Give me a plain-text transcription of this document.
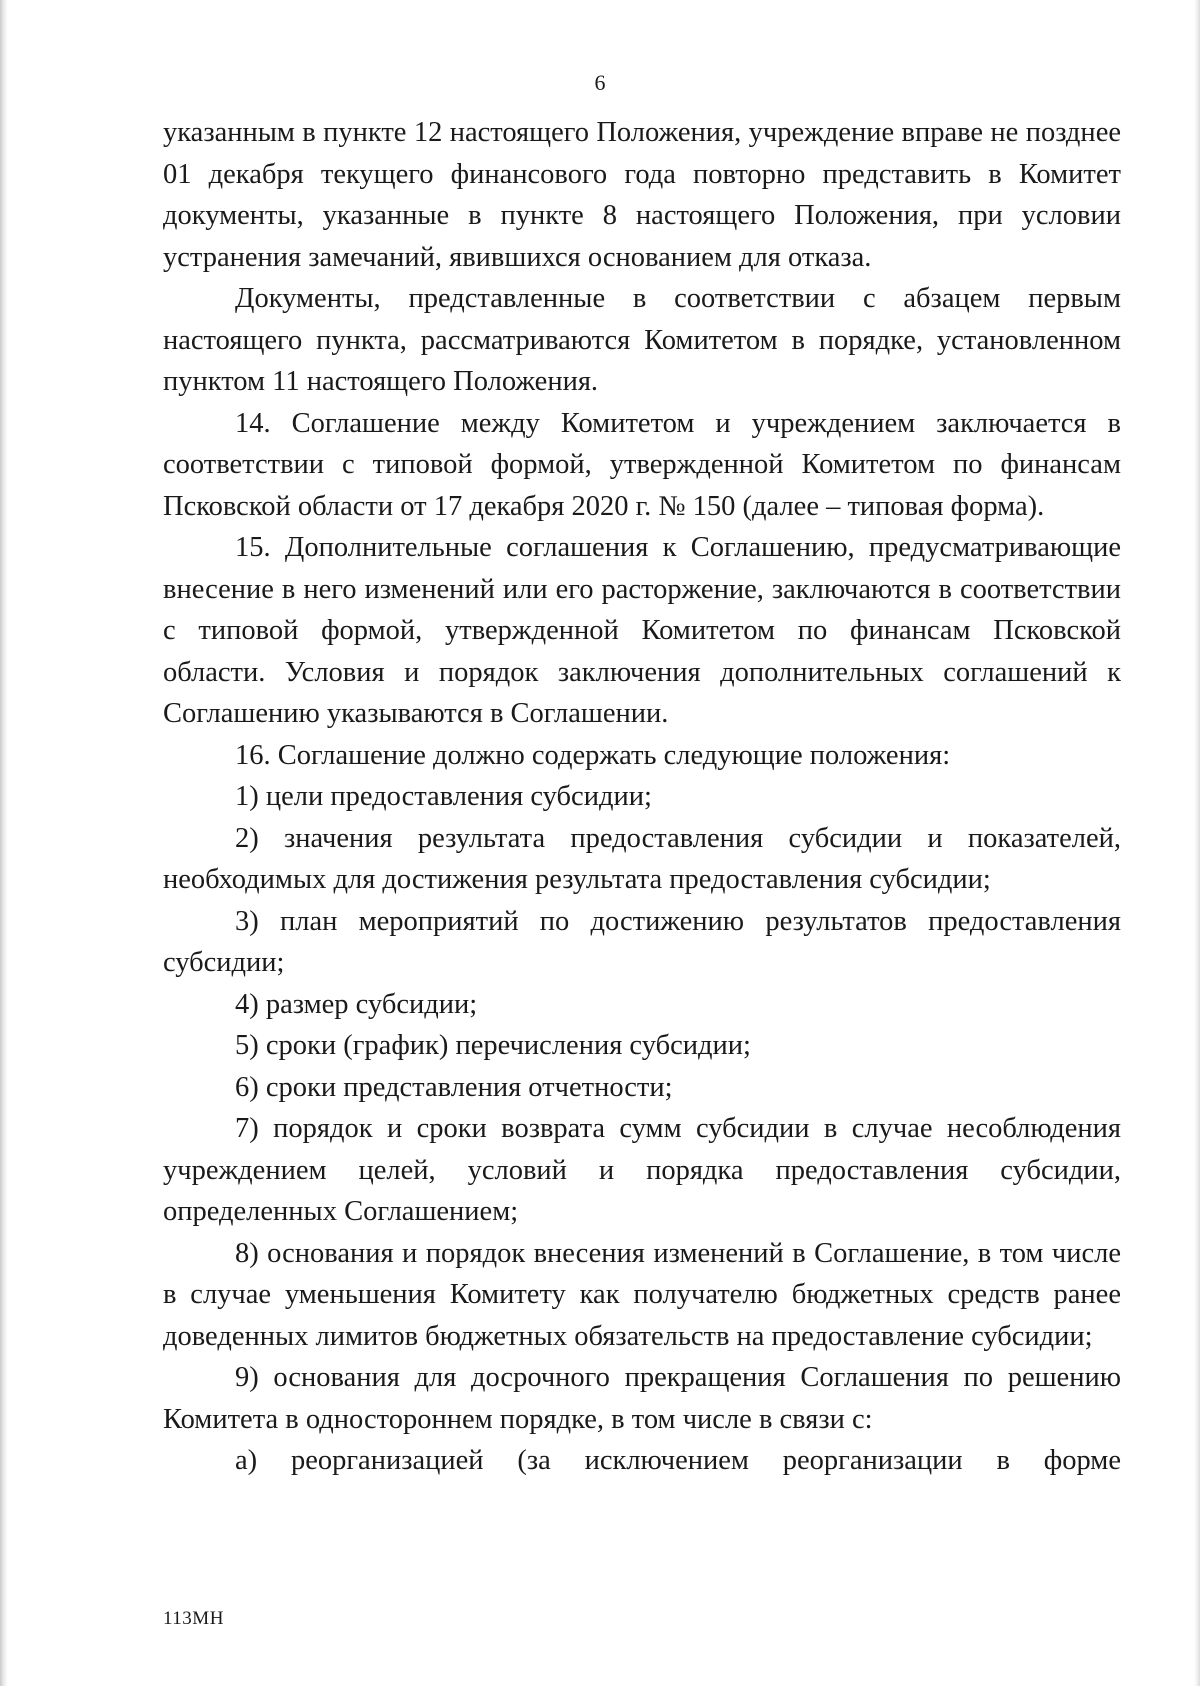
6

указанным в пункте 12 настоящего Положения, учреждение вправе не позднее 01 декабря текущего финансового года повторно представить в Комитет документы, указанные в пункте 8 настоящего Положения, при условии устранения замечаний, явившихся основанием для отказа.

Документы, представленные в соответствии с абзацем первым настоящего пункта, рассматриваются Комитетом в порядке, установленном пунктом 11 настоящего Положения.

14. Соглашение между Комитетом и учреждением заключается в соответствии с типовой формой, утвержденной Комитетом по финансам Псковской области от 17 декабря 2020 г. № 150 (далее – типовая форма).

15. Дополнительные соглашения к Соглашению, предусматривающие внесение в него изменений или его расторжение, заключаются в соответствии с типовой формой, утвержденной Комитетом по финансам Псковской области. Условия и порядок заключения дополнительных соглашений к Соглашению указываются в Соглашении.

16. Соглашение должно содержать следующие положения:

1) цели предоставления субсидии;

2) значения результата предоставления субсидии и показателей, необходимых для достижения результата предоставления субсидии;

3) план мероприятий по достижению результатов предоставления субсидии;

4) размер субсидии;

5) сроки (график) перечисления субсидии;

6) сроки представления отчетности;

7) порядок и сроки возврата сумм субсидии в случае несоблюдения учреждением целей, условий и порядка предоставления субсидии, определенных Соглашением;

8) основания и порядок внесения изменений в Соглашение, в том числе в случае уменьшения Комитету как получателю бюджетных средств ранее доведенных лимитов бюджетных обязательств на предоставление субсидии;

9) основания для досрочного прекращения Соглашения по решению Комитета в одностороннем порядке, в том числе в связи с:

а) реорганизацией (за исключением реорганизации в форме

113МН
